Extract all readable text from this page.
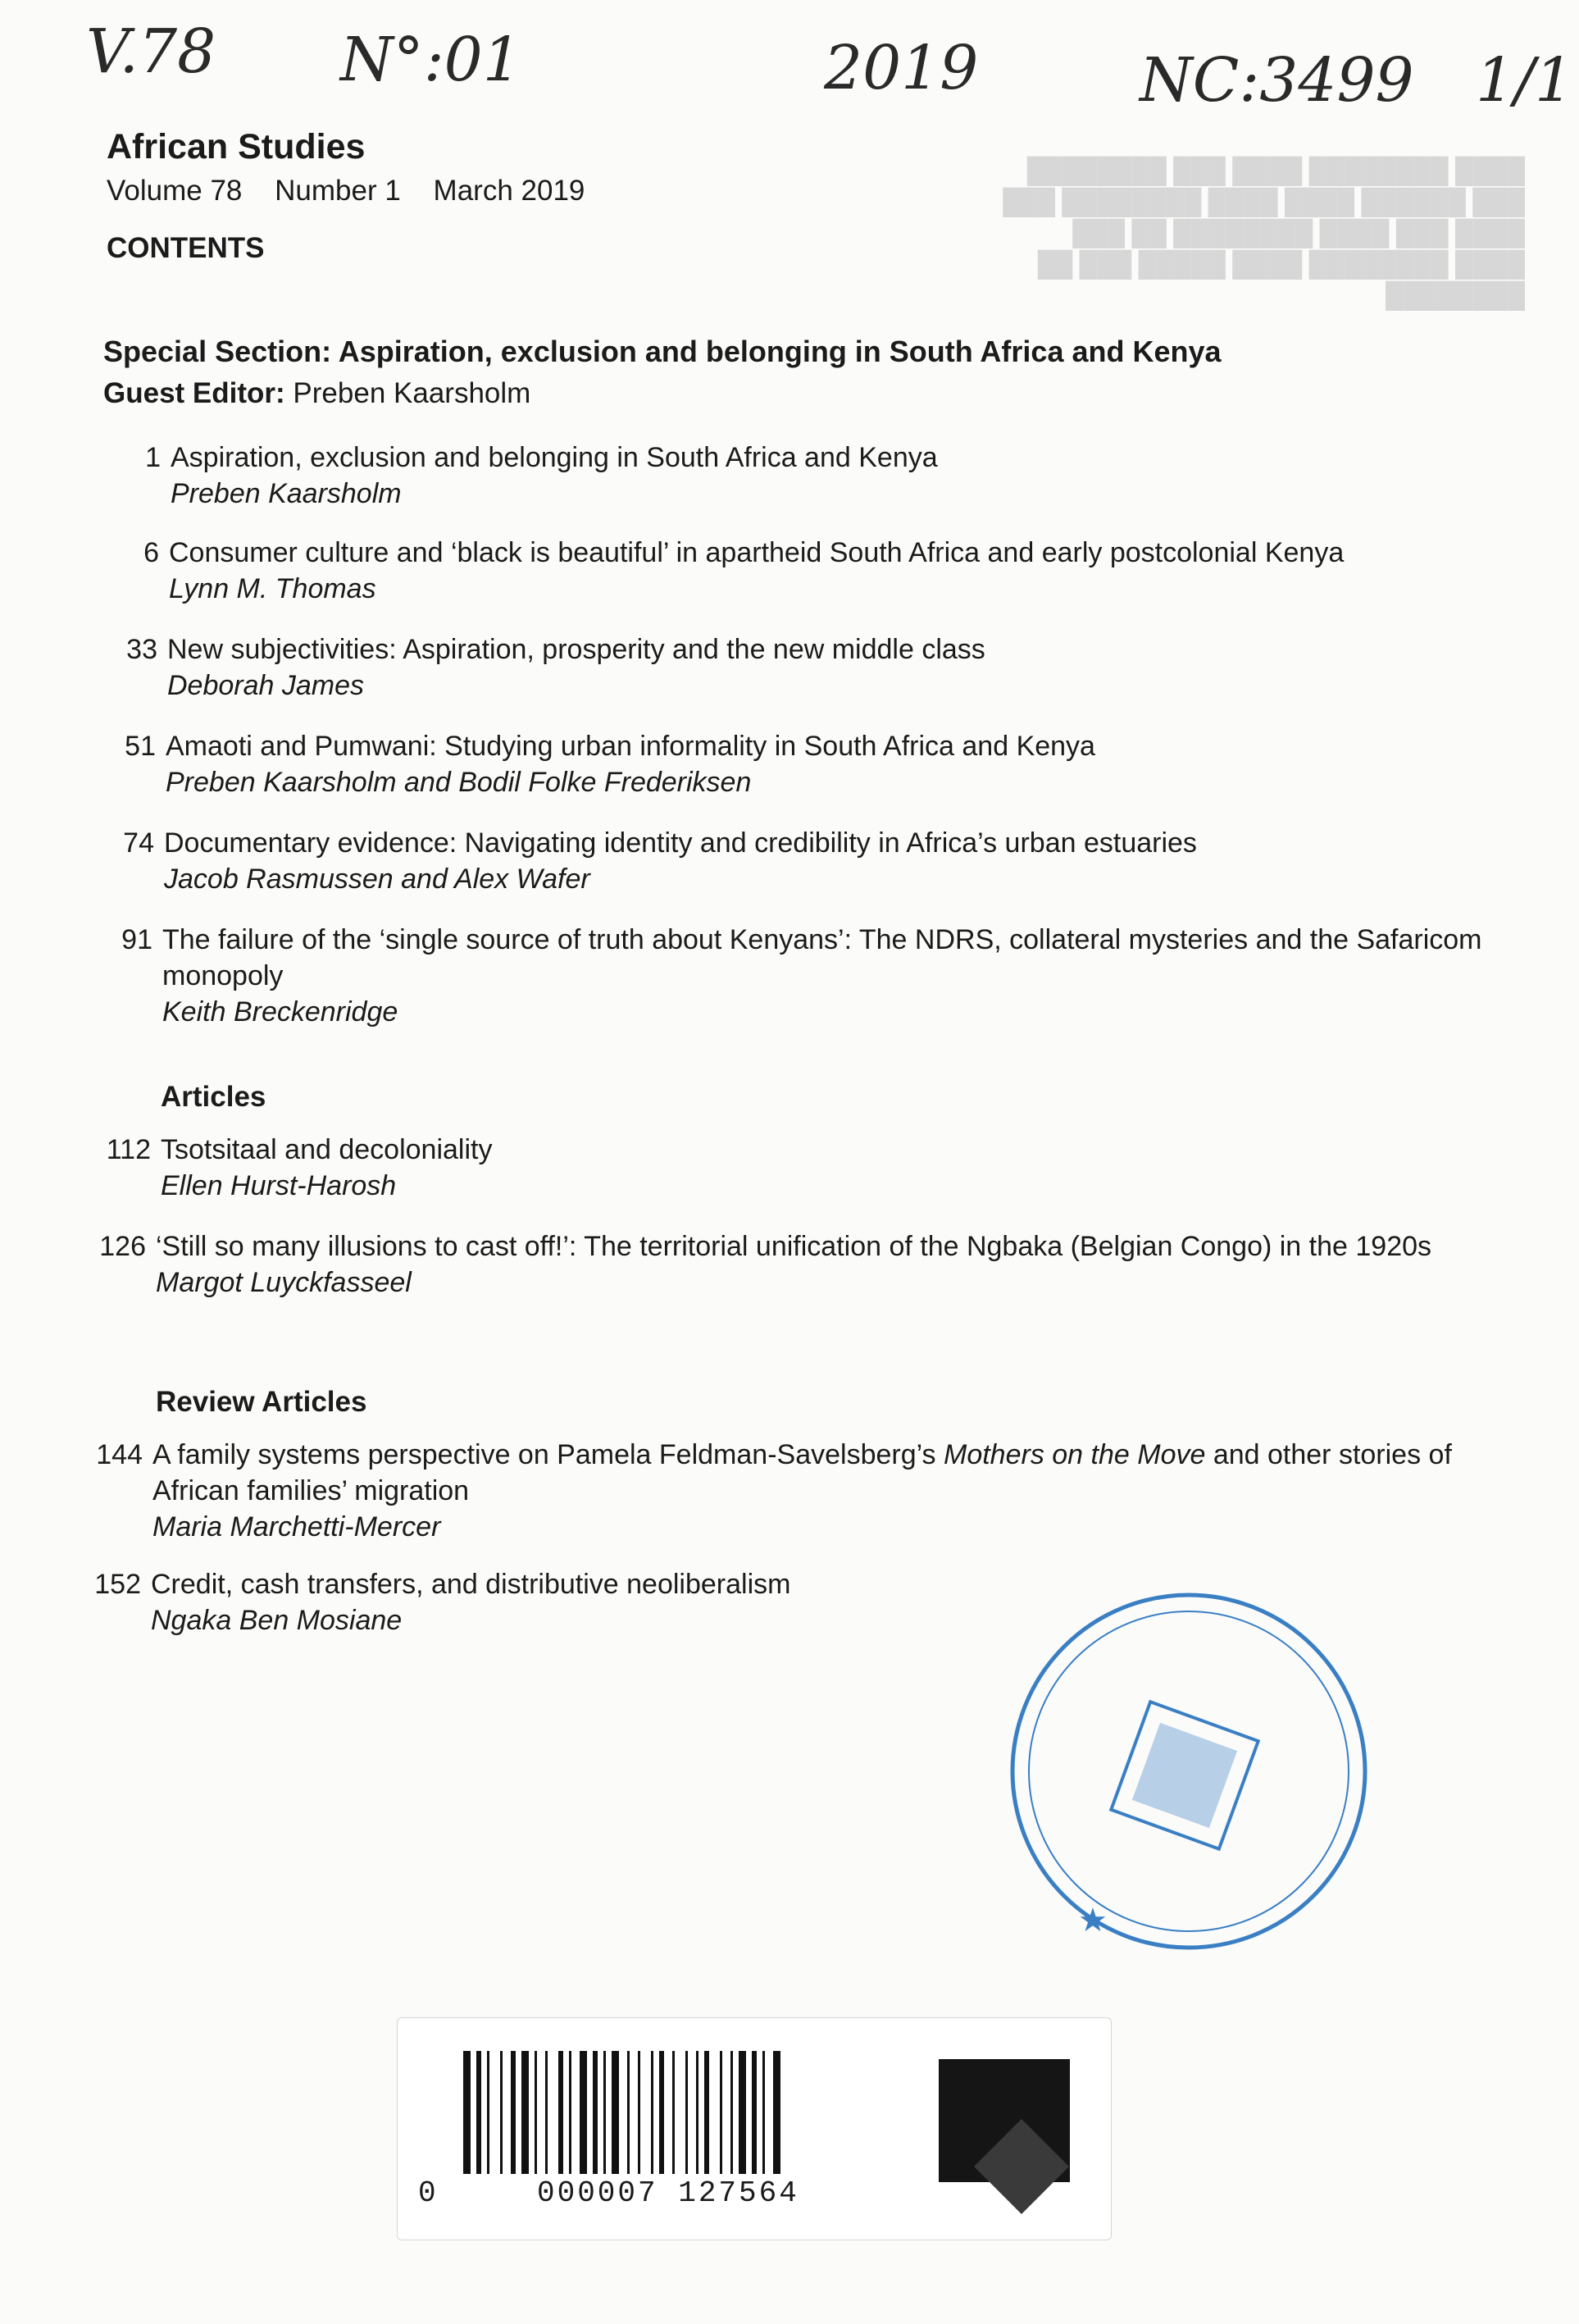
████ ████████ ████ ███ ████████ ███ ██████ ████ ████ ████████ ███ ████ ███ ████ ████████ ██ ███ ████ ████████ ████ █████ ███ ██ ████████
V.78 N°:01	2019	NC:3499 1/1
African Studies
Volume 78 Number 1 March 2019
CONTENTS
Special Section: Aspiration, exclusion and belonging in South Africa and Kenya
Guest Editor: Preben Kaarsholm
1 Aspiration, exclusion and belonging in South Africa and Kenya
Preben Kaarsholm
6 Consumer culture and ‘black is beautiful’ in apartheid South Africa and early postcolonial Kenya
Lynn M. Thomas
33 New subjectivities: Aspiration, prosperity and the new middle class
Deborah James
51 Amaoti and Pumwani: Studying urban informality in South Africa and Kenya
Preben Kaarsholm and Bodil Folke Frederiksen
74 Documentary evidence: Navigating identity and credibility in Africa’s urban estuaries
Jacob Rasmussen and Alex Wafer
91 The failure of the ‘single source of truth about Kenyans’: The NDRS, collateral mysteries and the Safaricom monopoly
Keith Breckenridge
Articles
112 Tsotsitaal and decoloniality
Ellen Hurst-Harosh
126 ‘Still so many illusions to cast off!’: The territorial unification of the Ngbaka (Belgian Congo) in the 1920s
Margot Luyckfasseel
Review Articles
144 A family systems perspective on Pamela Feldman-Savelsberg’s Mothers on the Move and other stories of African families’ migration
Maria Marchetti-Mercer
152 Credit, cash transfers, and distributive neoliberalism
Ngaka Ben Mosiane
★
0	000007 127564
